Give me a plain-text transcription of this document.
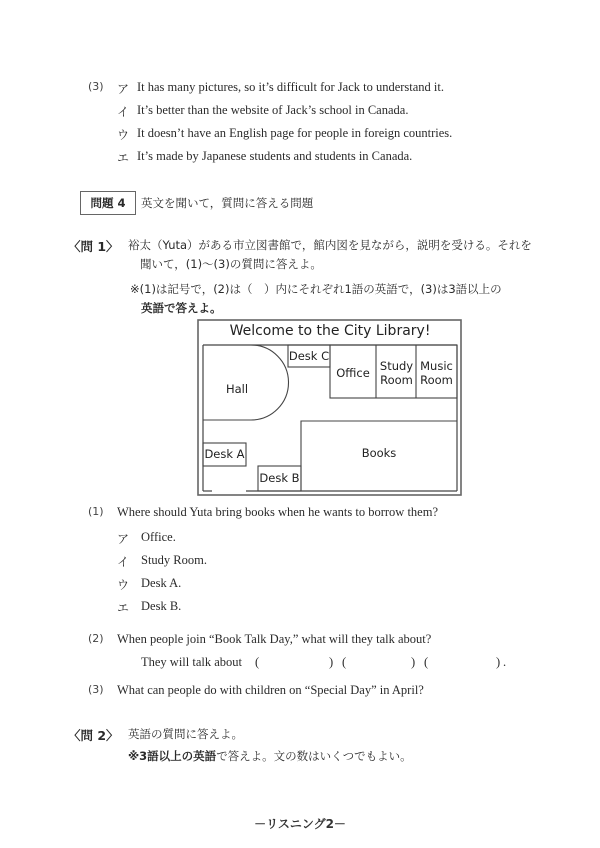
(3) ア It has many pictures, so it’s difficult for Jack to understand it.
イ It’s better than the website of Jack’s school in Canada.
ウ It doesn’t have an English page for people in foreign countries.
エ It’s made by Japanese students and students in Canada.
問題 4	英文を聞いて，質問に答える問題
〈問 1〉 裕太（Yuta）がある市立図書館で，館内図を見ながら，説明を受ける。それを
聞いて，(1)～(3)の質問に答えよ。
※(1)は記号で，(2)は（　）内にそれぞれ1語の英語で，(3)は3語以上の
英語で答えよ。
Welcome to the City Library!
Hall
Desk C
Office Study Room
Music Room
Desk A
Desk B
Books
(1) Where should Yuta bring books when he wants to borrow them?
ア Office.
イ Study Room.
ウ Desk A.
エ Desk B.
(2) When people join “Book Talk Day,” what will they talk about?
They will talk about (	) (	) (	) .
(3) What can people do with children on “Special Day” in April?
〈問 2〉 英語の質問に答えよ。
※3語以上の英語で答えよ。文の数はいくつでもよい。
－リスニング2－
